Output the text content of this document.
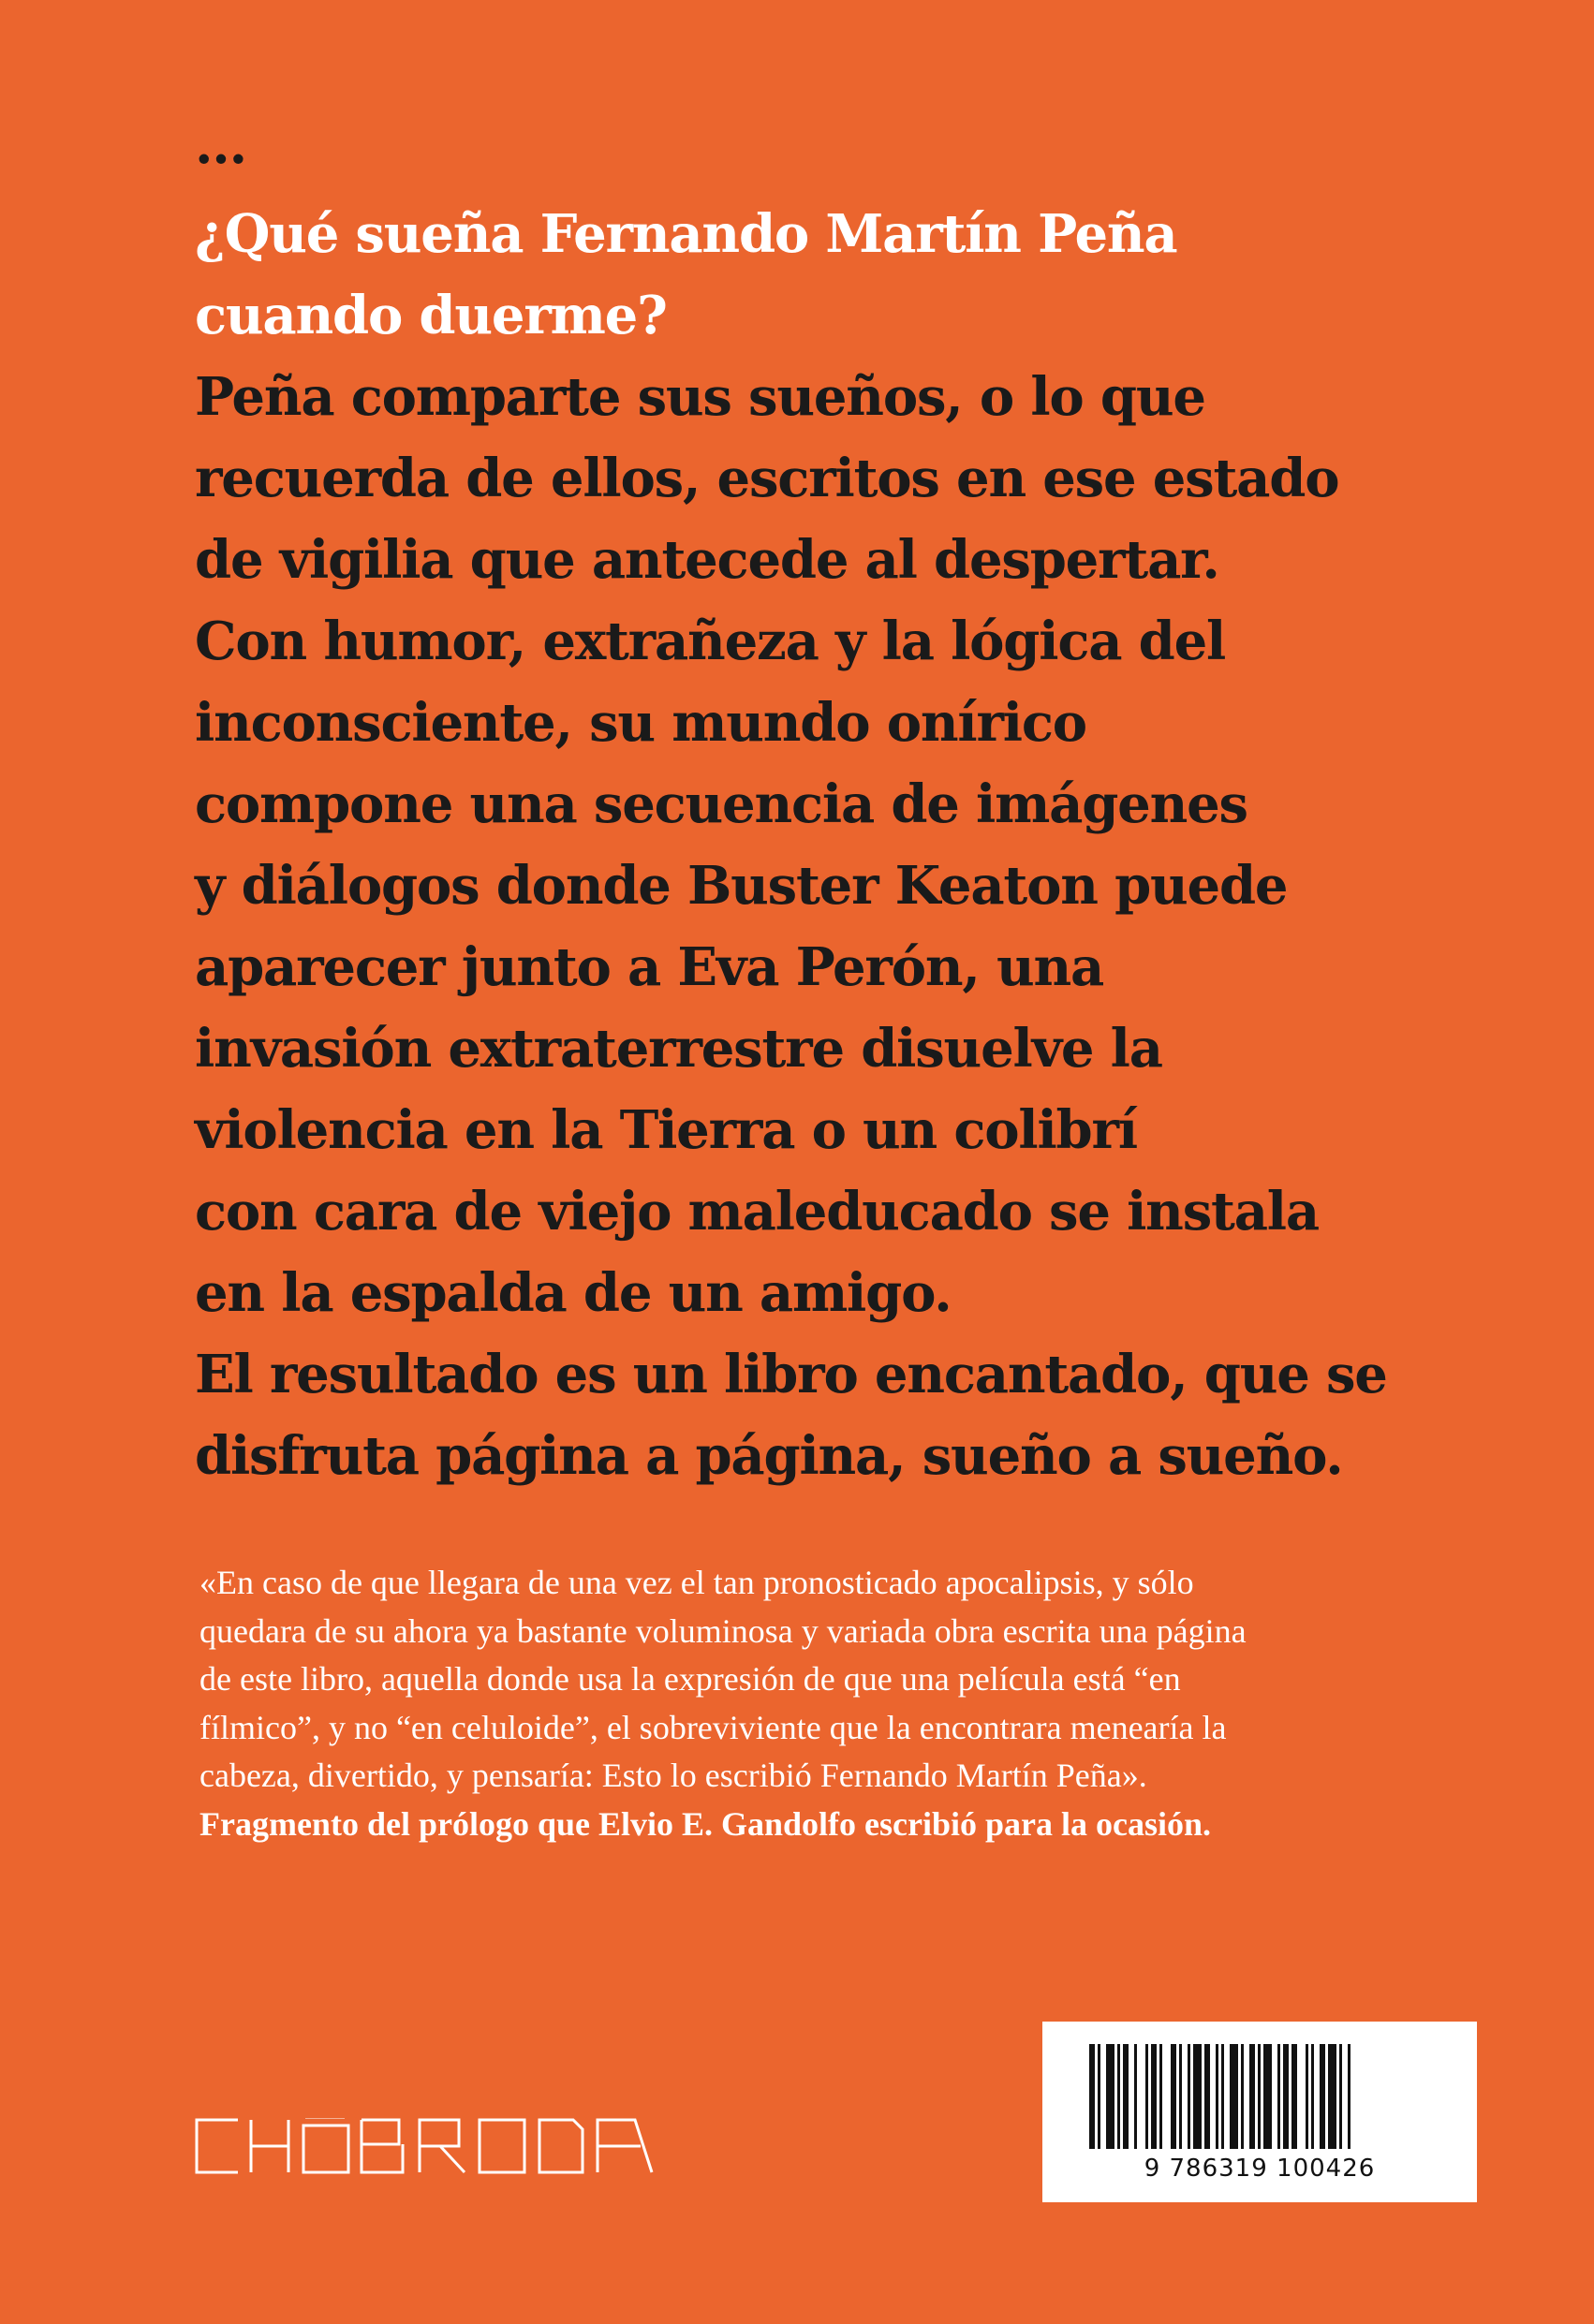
...
¿Qué sueña Fernando Martín Peña
cuando duerme?
Peña comparte sus sueños, o lo que
recuerda de ellos, escritos en ese estado
de vigilia que antecede al despertar.
Con humor, extrañeza y la lógica del
inconsciente, su mundo onírico
compone una secuencia de imágenes
y diálogos donde Buster Keaton puede
aparecer junto a Eva Perón, una
invasión extraterrestre disuelve la
violencia en la Tierra o un colibrí
con cara de viejo maleducado se instala
en la espalda de un amigo.
El resultado es un libro encantado, que se
disfruta página a página, sueño a sueño.
«En caso de que llegara de una vez el tan pronosticado apocalipsis, y sólo
quedara de su ahora ya bastante voluminosa y variada obra escrita una página
de este libro, aquella donde usa la expresión de que una película está “en
fílmico”, y no “en celuloide”, el sobreviviente que la encontrara menearía la
cabeza, divertido, y pensaría: Esto lo escribió Fernando Martín Peña».
Fragmento del prólogo que Elvio E. Gandolfo escribió para la ocasión.
9 786319 100426
